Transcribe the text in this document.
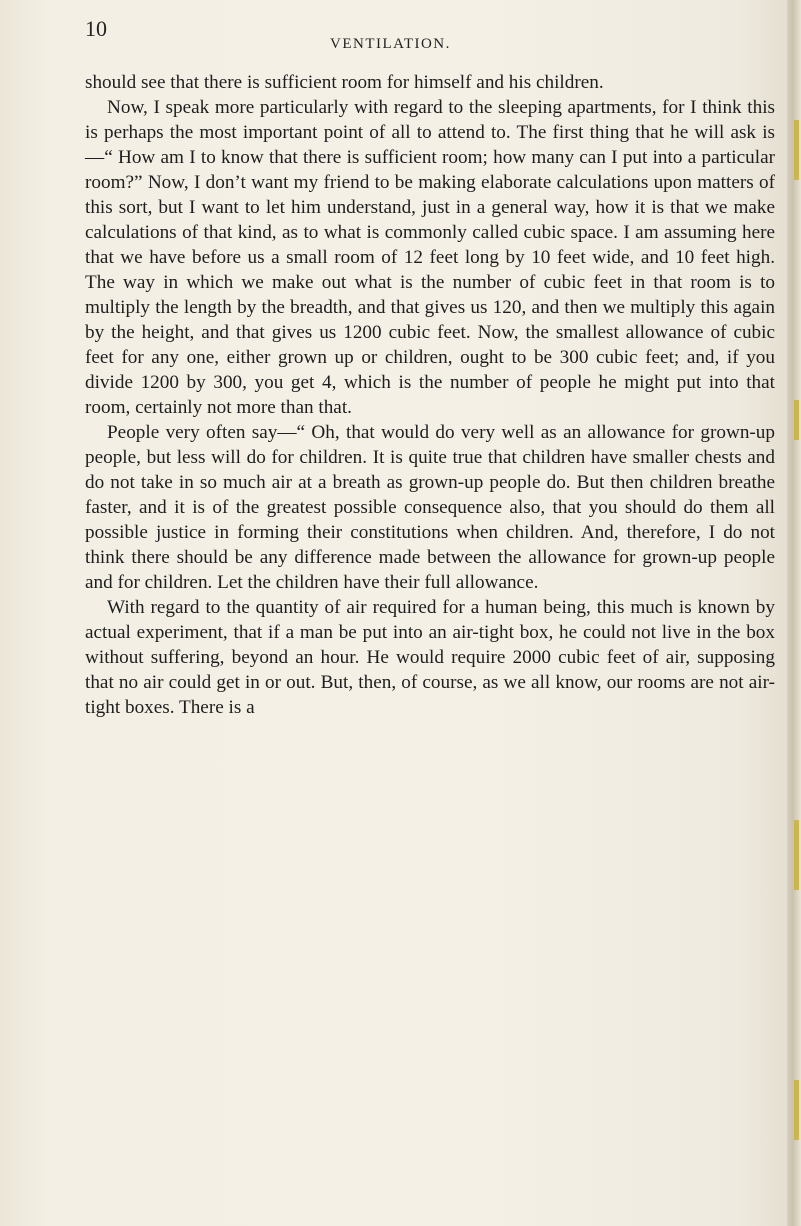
10
VENTILATION.

should see that there is sufficient room for himself and his children.

Now, I speak more particularly with regard to the sleeping apartments, for I think this is perhaps the most important point of all to attend to. The first thing that he will ask is—“ How am I to know that there is sufficient room; how many can I put into a particular room?” Now, I don’t want my friend to be making elaborate calculations upon matters of this sort, but I want to let him understand, just in a general way, how it is that we make calculations of that kind, as to what is commonly called cubic space. I am assuming here that we have before us a small room of 12 feet long by 10 feet wide, and 10 feet high. The way in which we make out what is the number of cubic feet in that room is to multiply the length by the breadth, and that gives us 120, and then we multiply this again by the height, and that gives us 1200 cubic feet. Now, the smallest allowance of cubic feet for any one, either grown up or children, ought to be 300 cubic feet; and, if you divide 1200 by 300, you get 4, which is the number of people he might put into that room, certainly not more than that.

People very often say—“ Oh, that would do very well as an allowance for grown-up people, but less will do for children. It is quite true that children have smaller chests and do not take in so much air at a breath as grown-up people do. But then children breathe faster, and it is of the greatest possible consequence also, that you should do them all possible justice in forming their constitutions when children. And, therefore, I do not think there should be any difference made between the allowance for grown-up people and for children. Let the children have their full allowance.

With regard to the quantity of air required for a human being, this much is known by actual experiment, that if a man be put into an air-tight box, he could not live in the box without suffering, beyond an hour. He would require 2000 cubic feet of air, supposing that no air could get in or out. But, then, of course, as we all know, our rooms are not air-tight boxes. There is a
